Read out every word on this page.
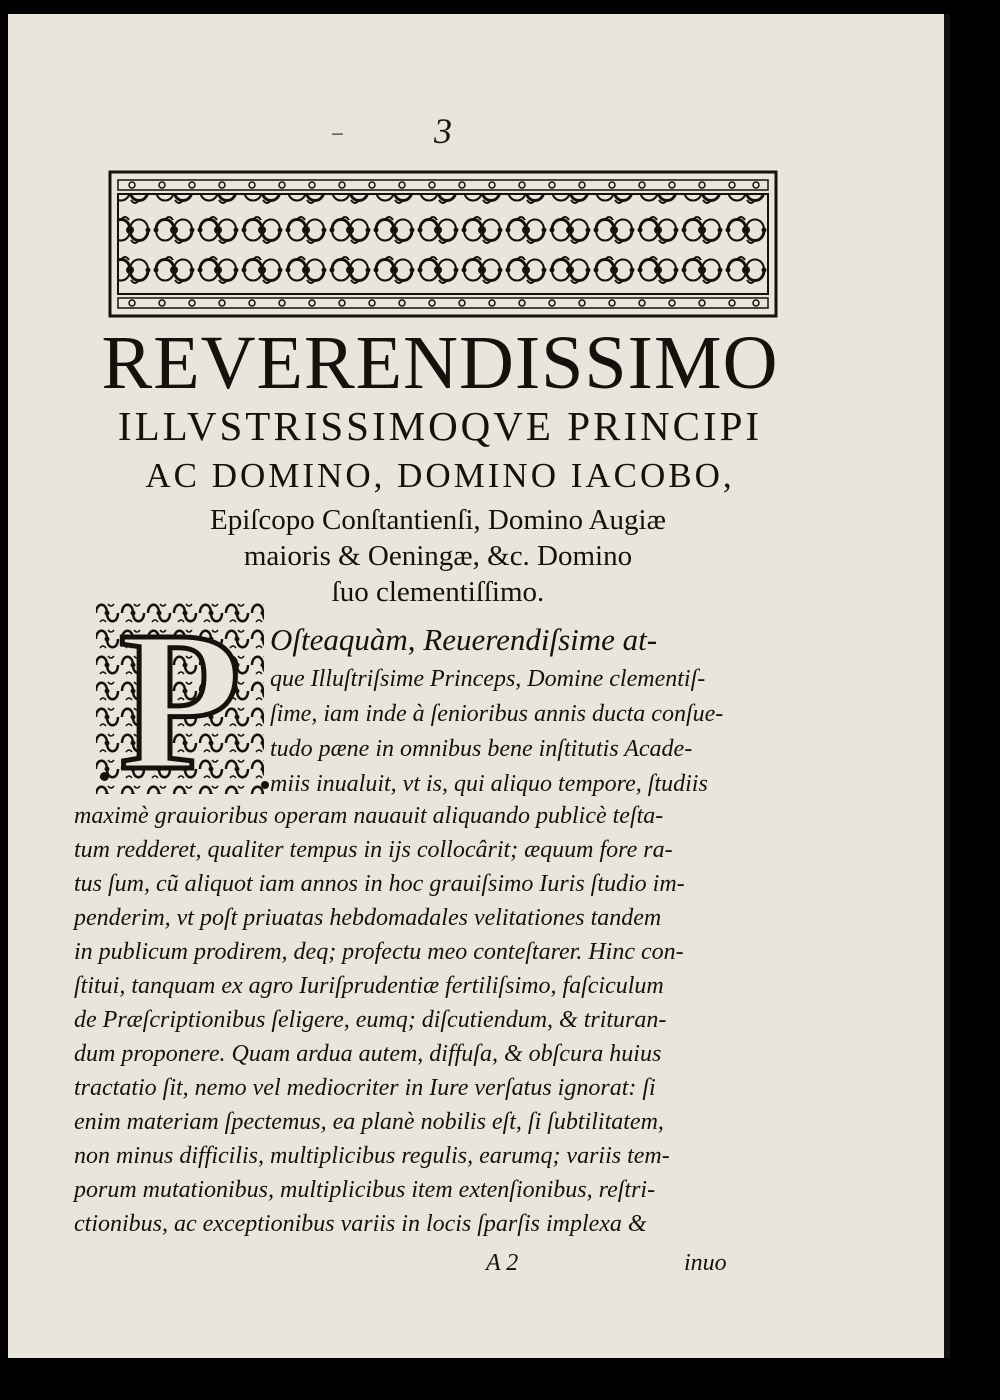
–	3
REVERENDISSIMO
ILLVSTRISSIMOQVE PRINCIPI
AC DOMINO, DOMINO IACOBO,
Epiſcopo Conſtantienſi, Domino Augiæ
maioris & Oeningæ, &c. Domino
ſuo clementiſſimo.
P Oſteaquàm, Reuerendiſsime at-
que Illuſtriſsime Princeps, Domine clementiſ-
ſime, iam inde à ſenioribus annis ducta conſue-
tudo pæne in omnibus bene inſtitutis Acade-
miis inualuit, vt is, qui aliquo tempore, ſtudiis
maximè grauioribus operam nauauit aliquando publicè teſta-
tum redderet, qualiter tempus in ijs collocârit; æquum fore ra-
tus ſum, cũ aliquot iam annos in hoc grauiſsimo Iuris ſtudio im-
penderim, vt poſt priuatas hebdomadales velitationes tandem
in publicum prodirem, deq; profectu meo conteſtarer. Hinc con-
ſtitui, tanquam ex agro Iuriſprudentiæ fertiliſsimo, faſciculum
de Præſcriptionibus ſeligere, eumq; diſcutiendum, & trituran-
dum proponere. Quam ardua autem, diffuſa, & obſcura huius
tractatio ſit, nemo vel mediocriter in Iure verſatus ignorat: ſi
enim materiam ſpectemus, ea planè nobilis eſt, ſi ſubtilitatem,
non minus difficilis, multiplicibus regulis, earumq; variis tem-
porum mutationibus, multiplicibus item extenſionibus, reſtri-
ctionibus, ac exceptionibus variis in locis ſparſis implexa &
A 2	inuo
